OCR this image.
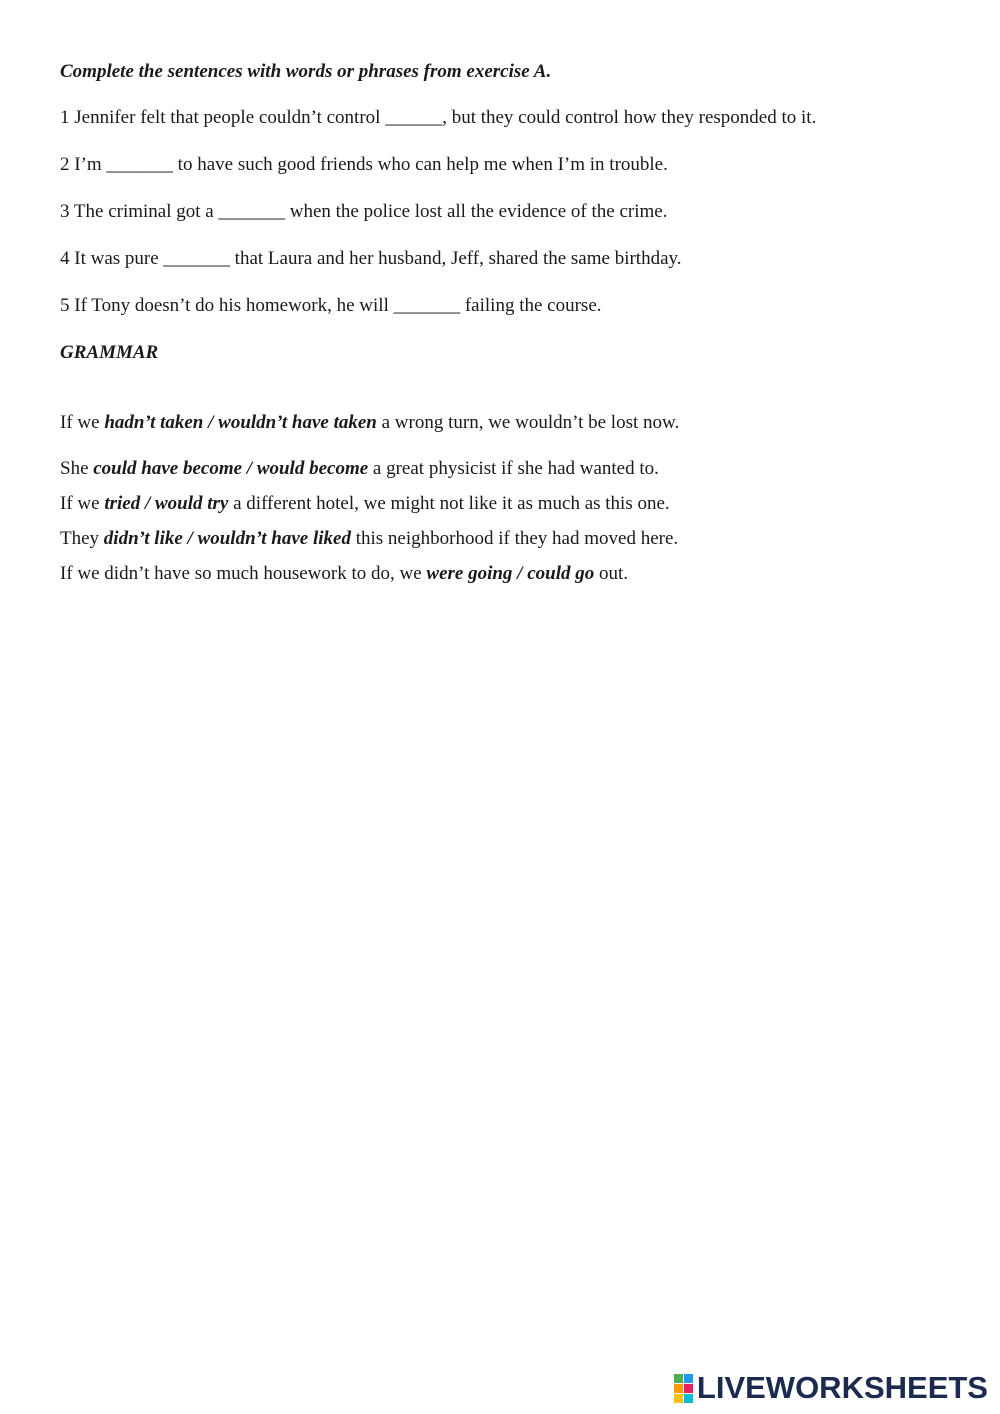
Complete the sentences with words or phrases from exercise A.

1 Jennifer felt that people couldn’t control ______, but they could control how they responded to it.

2 I’m _______ to have such good friends who can help me when I’m in trouble.

3 The criminal got a _______ when the police lost all the evidence of the crime.

4 It was pure _______ that Laura and her husband, Jeff, shared the same birthday.

5 If Tony doesn’t do his homework, he will _______ failing the course.

GRAMMAR

If we hadn’t taken / wouldn’t have taken a wrong turn, we wouldn’t be lost now.

She could have become / would become a great physicist if she had wanted to.

If we tried / would try a different hotel, we might not like it as much as this one.

They didn’t like / wouldn’t have liked this neighborhood if they had moved here.

If we didn’t have so much housework to do, we were going / could go out.

LIVEWORKSHEETS
